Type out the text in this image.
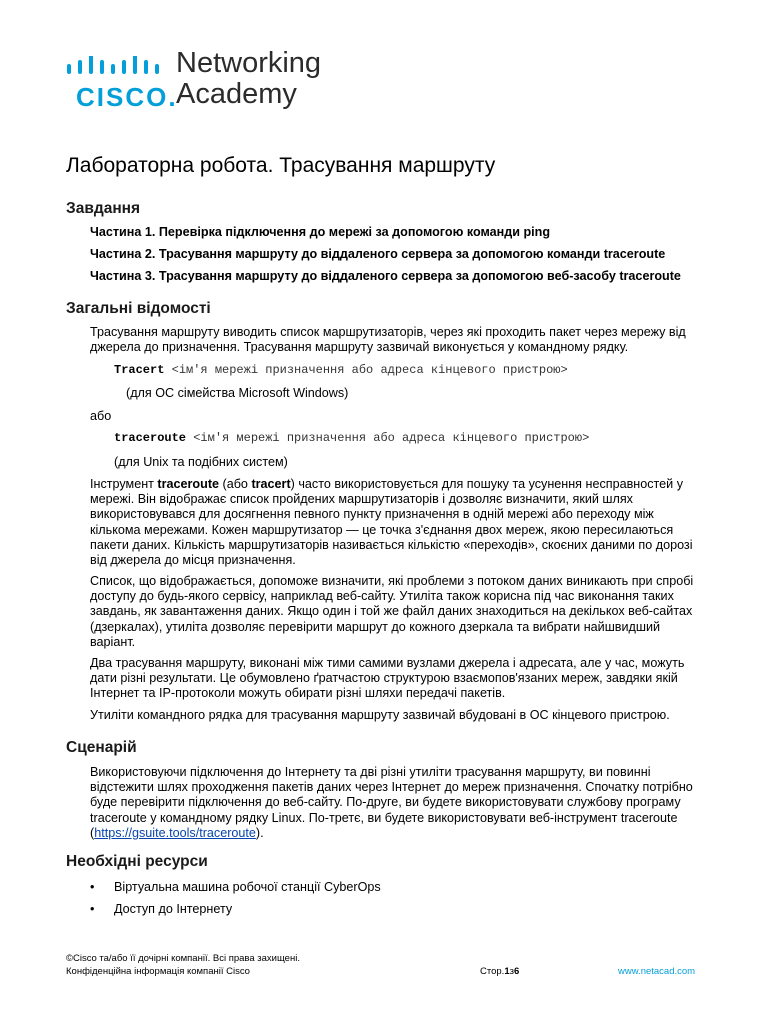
CISCO.
Networking
Academy
Лабораторна робота. Трасування маршруту
Завдання
Частина 1. Перевірка підключення до мережі за допомогою команди ping
Частина 2. Трасування маршруту до віддаленого сервера за допомогою команди traceroute
Частина 3. Трасування маршруту до віддаленого сервера за допомогою веб-засобу traceroute
Загальні відомості
Трасування маршруту виводить список маршрутизаторів, через які проходить пакет через мережу від
джерела до призначення. Трасування маршруту зазвичай виконується у командному рядку.
Tracert <ім'я мережі призначення або адреса кінцевого пристрою>
(для ОС сімейства Microsoft Windows)
або
traceroute <ім'я мережі призначення або адреса кінцевого пристрою>
(для Unix та подібних систем)
Інструмент traceroute (або tracert) часто використовується для пошуку та усунення несправностей у
мережі. Він відображає список пройдених маршрутизаторів і дозволяє визначити, який шлях
використовувався для досягнення певного пункту призначення в одній мережі або переходу між
кількома мережами. Кожен маршрутизатор — це точка з'єднання двох мереж, якою пересилаються
пакети даних. Кількість маршрутизаторів називається кількістю «переходів», скоєних даними по дорозі
від джерела до місця призначення.
Список, що відображається, допоможе визначити, які проблеми з потоком даних виникають при спробі
доступу до будь-якого сервісу, наприклад веб-сайту. Утиліта також корисна під час виконання таких
завдань, як завантаження даних. Якщо один і той же файл даних знаходиться на декількох веб-сайтах
(дзеркалах), утиліта дозволяє перевірити маршрут до кожного дзеркала та вибрати найшвидший
варіант.
Два трасування маршруту, виконані між тими самими вузлами джерела і адресата, але у час, можуть
дати різні результати. Це обумовлено ґратчастою структурою взаємопов'язаних мереж, завдяки якій
Інтернет та IP-протоколи можуть обирати різні шляхи передачі пакетів.
Утиліти командного рядка для трасування маршруту зазвичай вбудовані в ОС кінцевого пристрою.
Сценарій
Використовуючи підключення до Інтернету та дві різні утиліти трасування маршруту, ви повинні
відстежити шлях проходження пакетів даних через Інтернет до мереж призначення. Спочатку потрібно
буде перевірити підключення до веб-сайту. По-друге, ви будете використовувати службову програму
traceroute у командному рядку Linux. По-третє, ви будете використовувати веб-інструмент traceroute
(https://gsuite.tools/traceroute).
Необхідні ресурси
• Віртуальна машина робочої станції CyberOps
• Доступ до Інтернету
©Cisco та/або її дочірні компанії. Всі права захищені.
Конфіденційна інформація компанії Cisco	Стор.1з6	www.netacad.com
